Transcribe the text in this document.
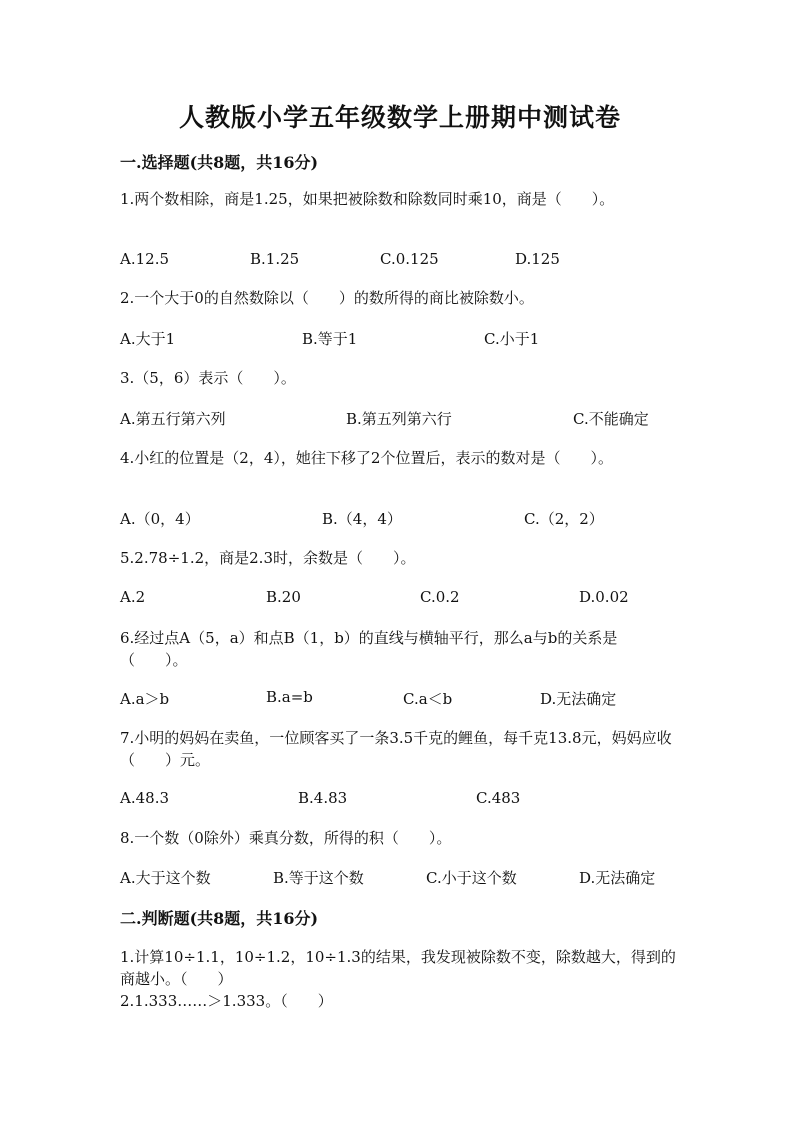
人教版小学五年级数学上册期中测试卷
一.选择题(共8题，共16分)
1.两个数相除，商是1.25，如果把被除数和除数同时乘10，商是（　　）。
A.12.5	B.1.25	C.0.125	D.125
2.一个大于0的自然数除以（　　）的数所得的商比被除数小。
A.大于1	B.等于1	C.小于1
3.（5，6）表示（　　）。
A.第五行第六列	B.第五列第六行	C.不能确定
4.小红的位置是（2，4），她往下移了2个位置后，表示的数对是（　　）。
A.（0，4）	B.（4，4）	C.（2，2）
5.2.78÷1.2，商是2.3时，余数是（　　）。
A.2	B.20	C.0.2	D.0.02
6.经过点A（5，a）和点B（1，b）的直线与横轴平行，那么a与b的关系是（　　）。
A.a＞b	B.a=b	C.a＜b	D.无法确定
7.小明的妈妈在卖鱼，一位顾客买了一条3.5千克的鲤鱼，每千克13.8元，妈妈应收（　　）元。
A.48.3	B.4.83	C.483
8.一个数（0除外）乘真分数，所得的积（　　）。
A.大于这个数	B.等于这个数	C.小于这个数	D.无法确定
二.判断题(共8题，共16分)
1.计算10÷1.1，10÷1.2，10÷1.3的结果，我发现被除数不变，除数越大，得到的商越小。（　　）
2.1.333……＞1.333。（　　）
